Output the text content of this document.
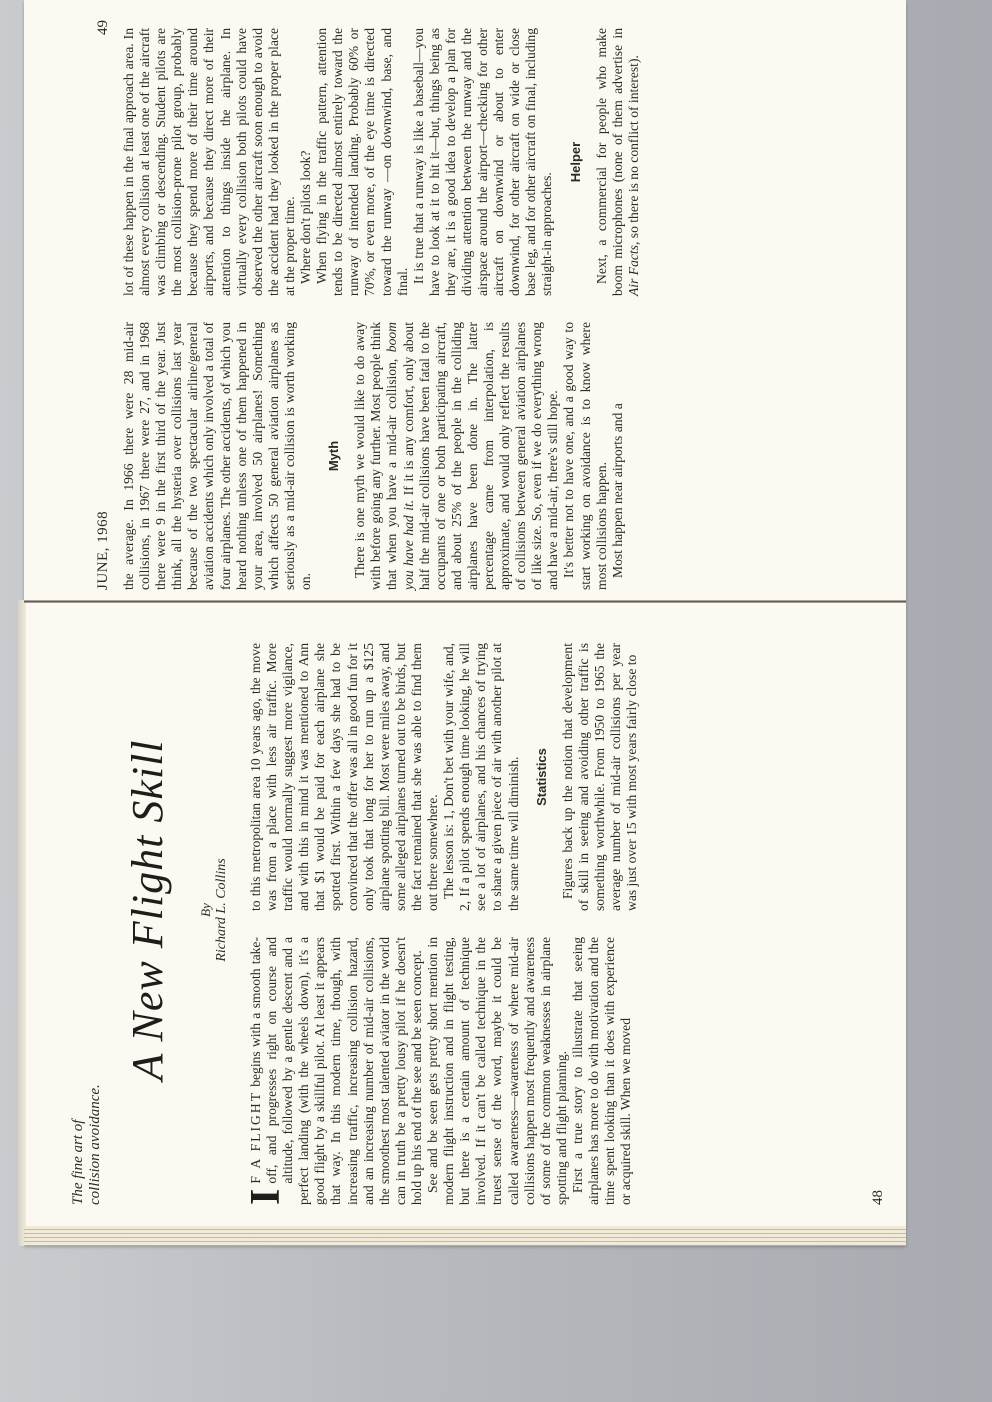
The fine art of collision avoidance.
A New Flight Skill By Richard L. Collins

I
F A FLIGHT begins with a smooth take-off, and progresses right on course and altitude, followed by a gentle descent and a perfect landing (with the wheels down), it's a good flight by a skillful pilot. At least it appears that way. In this modern time, though, with increasing traffic, increasing collision hazard, and an increasing number of mid-air collisions, the smoothest most talented aviator in the world can in truth be a pretty lousy pilot if he doesn't hold up his end of the see and be seen concept. See and be seen gets pretty short mention in modern flight instruction and in flight testing, but there is a certain amount of technique involved. If it can't be called technique in the truest sense of the word, maybe it could be called awareness—awareness of where mid-air collisions happen most frequently and awareness of some of the common weaknesses in airplane spotting and flight planning. First a true story to illustrate that seeing airplanes has more to do with motivation and the time spent looking than it does with experience or acquired skill. When we moved

to this metropolitan area 10 years ago, the move was from a place with less air traffic. More traffic would normally suggest more vigilance, and with this in mind it was mentioned to Ann that $1 would be paid for each airplane she spotted first. Within a few days she had to be convinced that the offer was all in good fun for it only took that long for her to run up a $125 airplane spotting bill. Most were miles away, and some alleged airplanes turned out to be birds, but the fact remained that she was able to find them out there somewhere. The lesson is: 1, Don't bet with your wife, and, 2, If a pilot spends enough time looking, he will see a lot of airplanes, and his chances of trying to share a given piece of air with another pilot at the same time will diminish. Statistics Figures back up the notion that development of skill in seeing and avoiding other traffic is something worthwhile. From 1950 to 1965 the average number of mid-air collisions per year was just over 15 with most years fairly close to

48
JUNE, 1968
49

the average. In 1966 there were 28 mid-air collisions, in 1967 there were 27, and in 1968 there were 9 in the first third of the year. Just think, all the hysteria over collisions last year because of the two spectacular airline/general aviation accidents which only involved a total of four airplanes. The other accidents, of which you heard nothing unless one of them happened in your area, involved 50 airplanes! Something which affects 50 general aviation airplanes as seriously as a mid-air collision is worth working on.

Myth There is one myth we would like to do away with before going any further. Most people think that when you have a mid-air collision, boom you have had it. If it is any comfort, only about half the mid-air collisions have been fatal to the occupants of one or both participating aircraft, and about 25% of the people in the colliding airplanes have been done in. The latter percentage came from interpolation, is approximate, and would only reflect the results of collisions between general aviation airplanes of like size. So, even if we do everything wrong and have a mid-air, there's still hope. It's better not to have one, and a good way to start working on avoidance is to know where most collisions happen. Most happen near airports and a

lot of these happen in the final approach area. In almost every collision at least one of the aircraft was climbing or descending. Student pilots are the most collision-prone pilot group, probably because they spend more of their time around airports, and because they direct more of their attention to things inside the airplane. In virtually every collision both pilots could have observed the other aircraft soon enough to avoid the accident had they looked in the proper place at the proper time. Where don't pilots look? When flying in the traffic pattern, attention tends to be directed almost entirely toward the runway of intended landing. Probably 60% or 70%, or even more, of the eye time is directed toward the runway —on downwind, base, and final. It is true that a runway is like a baseball—you have to look at it to hit it—but, things being as they are, it is a good idea to develop a plan for dividing attention between the runway and the airspace around the airport—checking for other aircraft on downwind or about to enter downwind, for other aircraft on wide or close base leg, and for other aircraft on final, including straight-in approaches.

Helper Next, a commercial for people who make boom microphones (none of them advertise in Air Facts, so there is no conflict of interest).
